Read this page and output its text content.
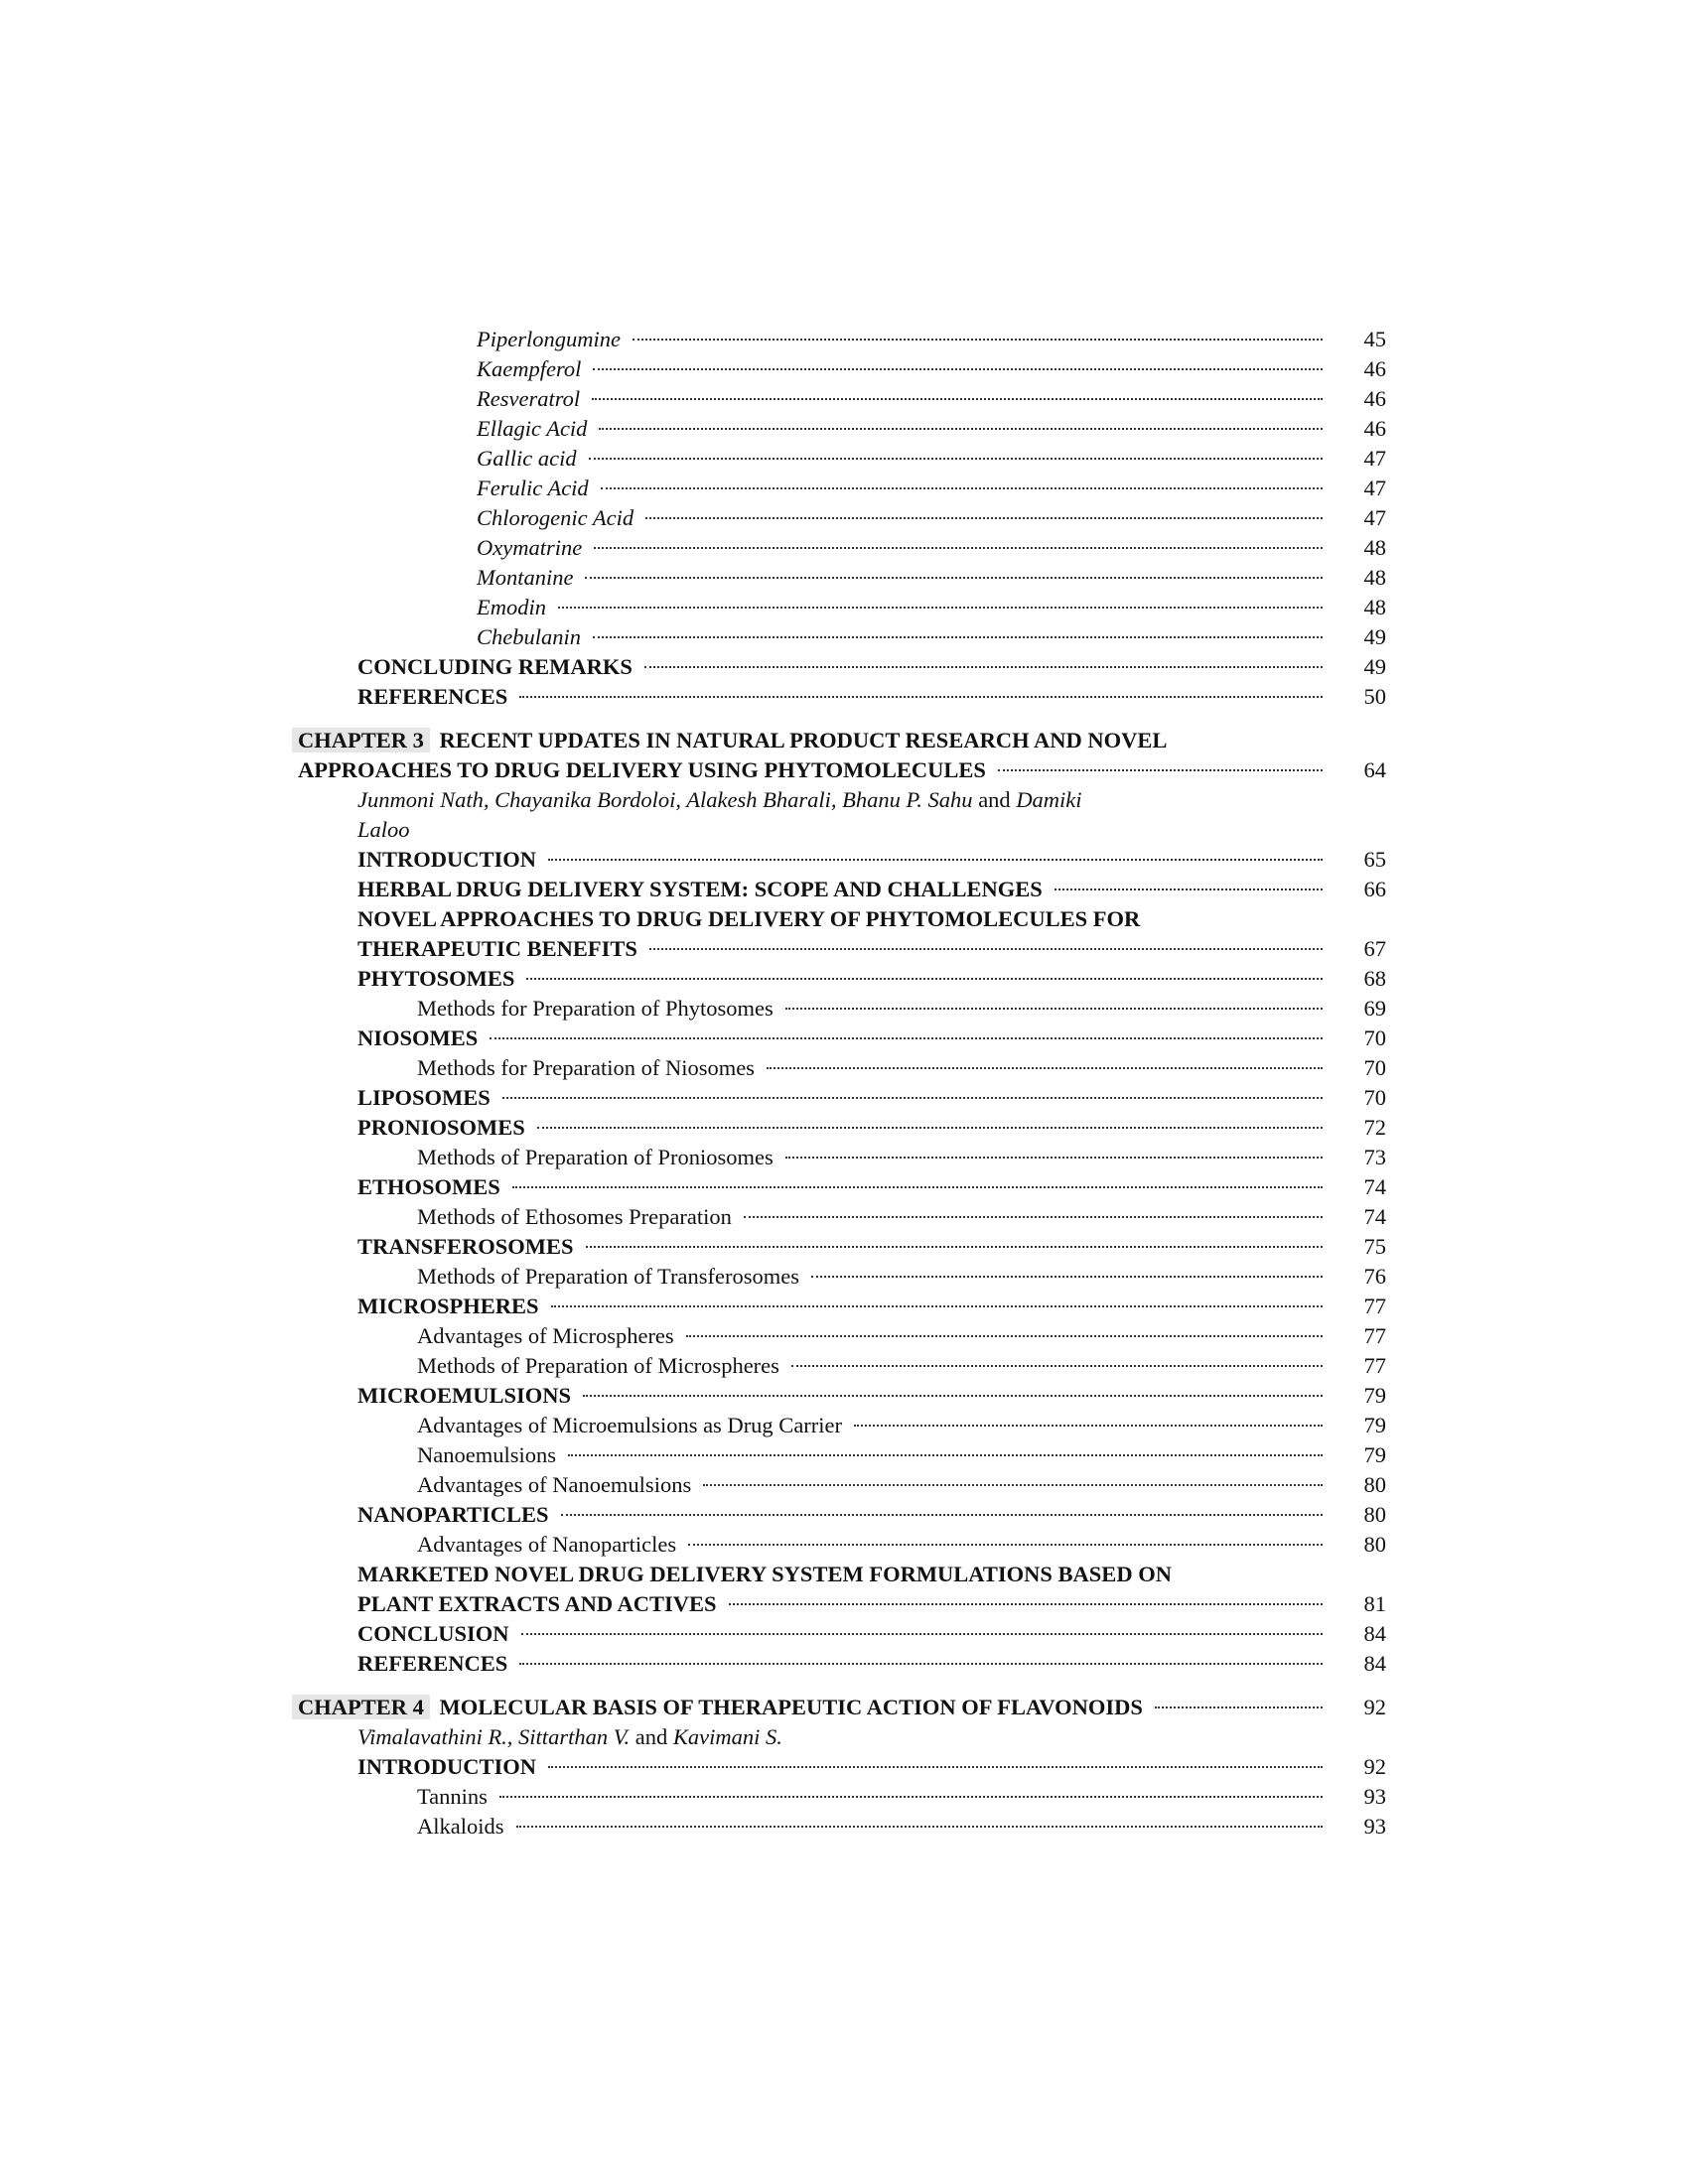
Piperlongumine	45
Kaempferol	46
Resveratrol	46
Ellagic Acid	46
Gallic acid	47
Ferulic Acid	47
Chlorogenic Acid	47
Oxymatrine	48
Montanine	48
Emodin	48
Chebulanin	49
CONCLUDING REMARKS	49
REFERENCES	50
CHAPTER 3 RECENT UPDATES IN NATURAL PRODUCT RESEARCH AND NOVEL
APPROACHES TO DRUG DELIVERY USING PHYTOMOLECULES	64
Junmoni Nath, Chayanika Bordoloi, Alakesh Bharali, Bhanu P. Sahu and Damiki
Laloo
INTRODUCTION	65
HERBAL DRUG DELIVERY SYSTEM: SCOPE AND CHALLENGES	66
NOVEL APPROACHES TO DRUG DELIVERY OF PHYTOMOLECULES FOR
THERAPEUTIC BENEFITS	67
PHYTOSOMES	68
Methods for Preparation of Phytosomes	69
NIOSOMES	70
Methods for Preparation of Niosomes	70
LIPOSOMES	70
PRONIOSOMES	72
Methods of Preparation of Proniosomes	73
ETHOSOMES	74
Methods of Ethosomes Preparation	74
TRANSFEROSOMES	75
Methods of Preparation of Transferosomes	76
MICROSPHERES	77
Advantages of Microspheres	77
Methods of Preparation of Microspheres	77
MICROEMULSIONS	79
Advantages of Microemulsions as Drug Carrier	79
Nanoemulsions	79
Advantages of Nanoemulsions	80
NANOPARTICLES	80
Advantages of Nanoparticles	80
MARKETED NOVEL DRUG DELIVERY SYSTEM FORMULATIONS BASED ON
PLANT EXTRACTS AND ACTIVES	81
CONCLUSION	84
REFERENCES	84
CHAPTER 4 MOLECULAR BASIS OF THERAPEUTIC ACTION OF FLAVONOIDS	92
Vimalavathini R., Sittarthan V. and Kavimani S.
INTRODUCTION	92
Tannins	93
Alkaloids	93
